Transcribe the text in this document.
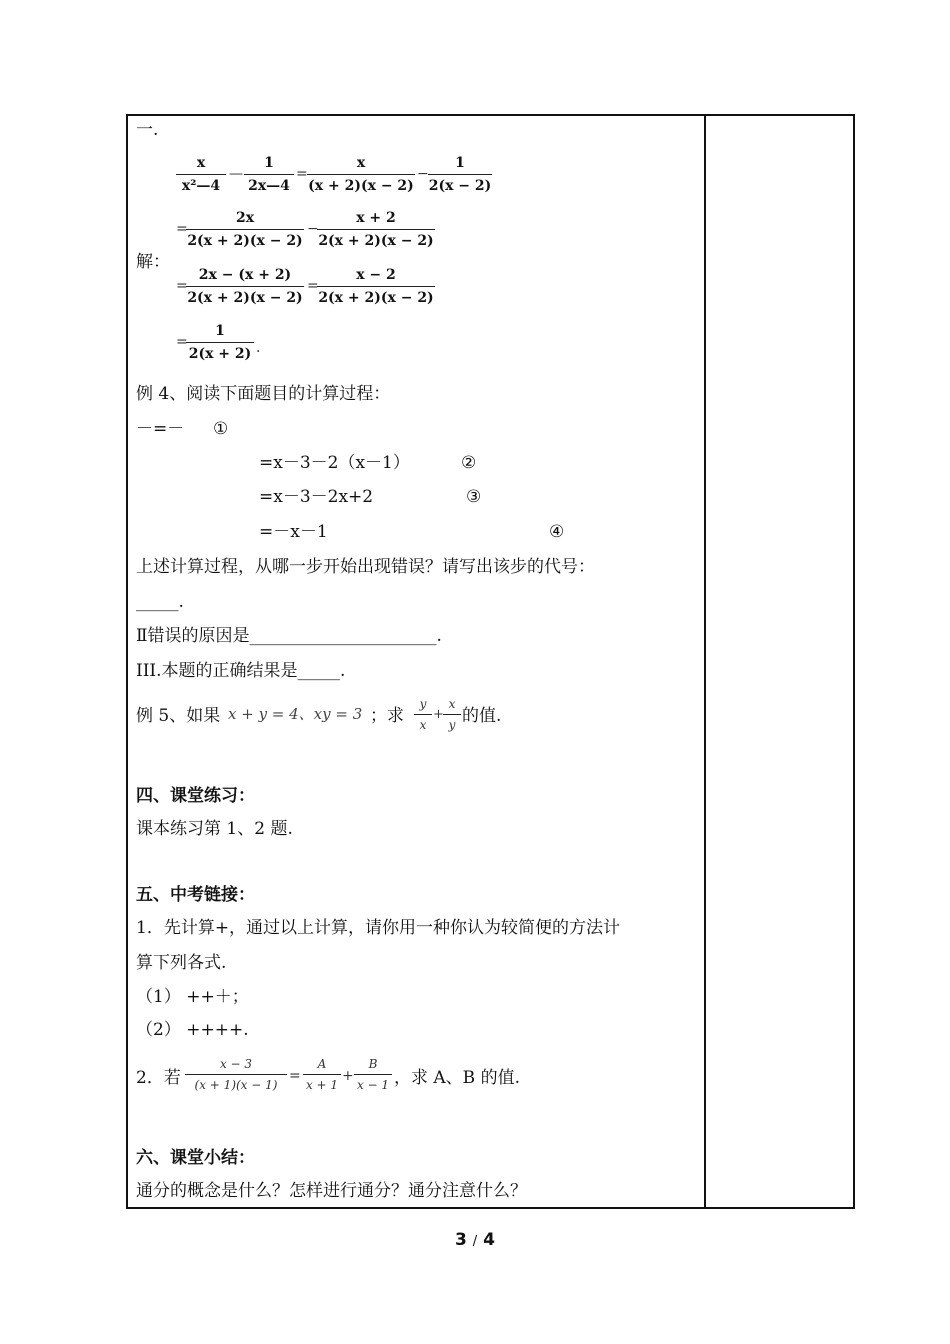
一.
$\frac{x}{\text{x²—4}}$ — $\frac{1}{2x—4} = \frac{x}{(x + 2)(x - 2)} - \frac{1}{2(x - 2)}$
=
$\frac{2x}{2(x + 2)(x - 2)}$ −
$\frac{x + 2}{2(x + 2)(x - 2)}$
解：
=
$\frac{2x - (x + 2)}{2(x + 2)(x - 2)}$ =
$\frac{x - 2}{2(x + 2)(x - 2)}$
=
$\frac{1}{2(x + 2)}$ .
例 4、阅读下面题目的计算过程：
－=－ ①
=x－3－2（x－1）	②
=x－3－2x+2	③
=－x－1	④
上述计算过程，从哪一步开始出现错误？请写出该步的代号：
_____.
Ⅱ错误的原因是______________________.
III.本题的正确结果是_____.
例 5、如果 x + y = 4、xy = 3 ；求 $\frac{y}{x} + \frac{x}{y}$ 的值.
四、课堂练习：
课本练习第 1、2 题.
五、中考链接：
1．先计算+，通过以上计算，请你用一种你认为较简便的方法计
算下列各式.
（1） ++＋；
（2） ++++.
2．若 $\frac{x - 3}{(x + 1)(x - 1)} = \frac{A}{x + 1} + \frac{B}{x - 1}$ ，求 A、B 的值.
六、课堂小结：
通分的概念是什么？怎样进行通分？通分注意什么？
3 / 4
